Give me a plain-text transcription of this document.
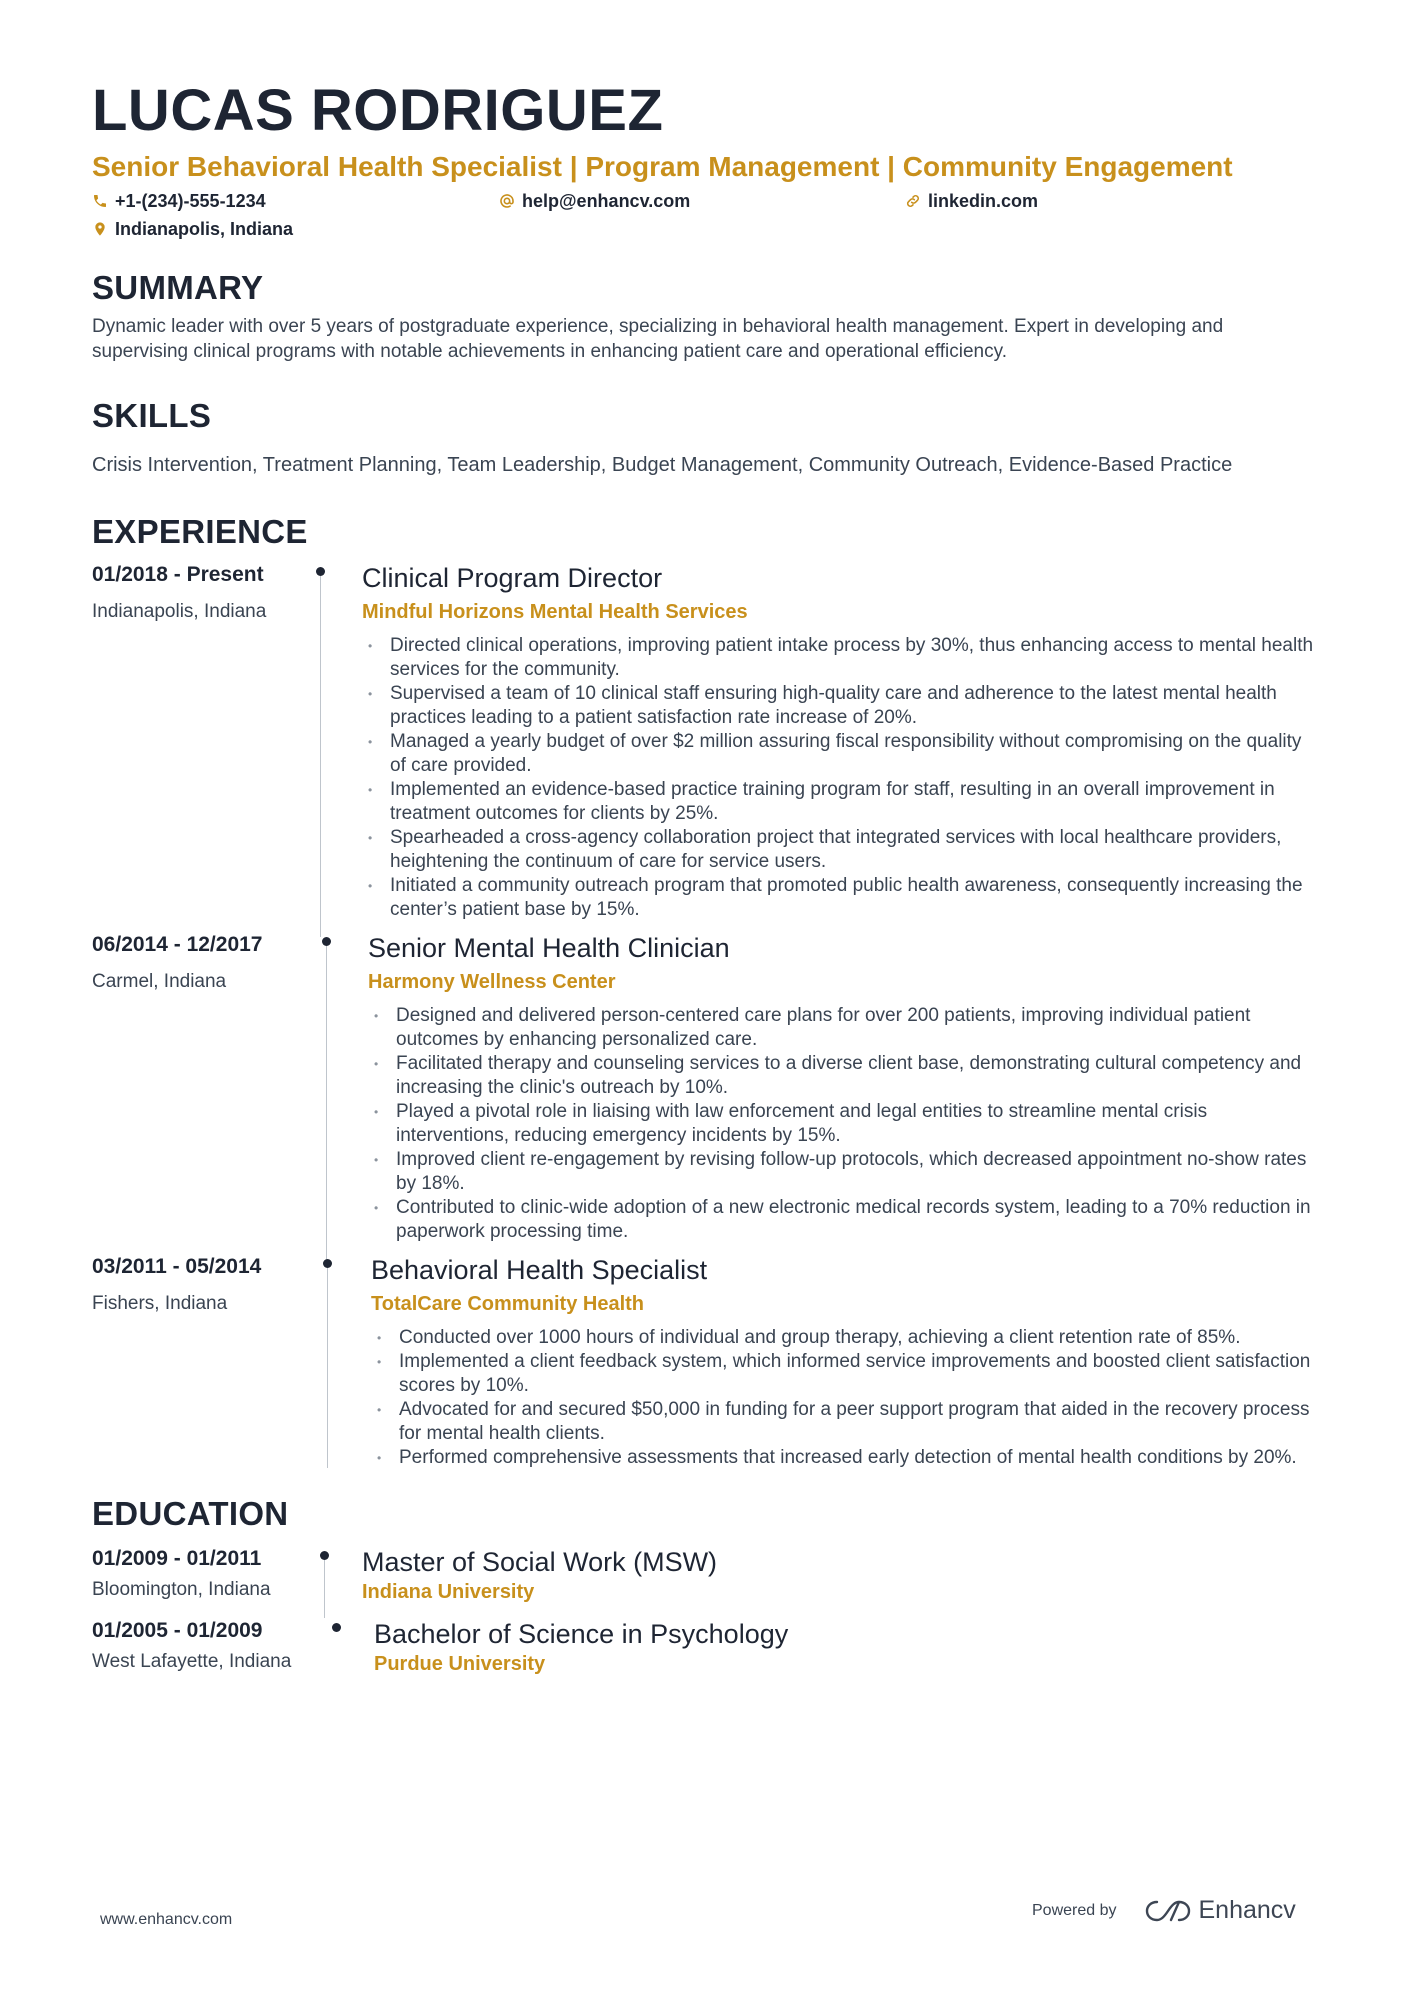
LUCAS RODRIGUEZ
Senior Behavioral Health Specialist | Program Management | Community Engagement
+1-(234)-555-1234	help@enhancv.com	linkedin.com
Indianapolis, Indiana
SUMMARY
Dynamic leader with over 5 years of postgraduate experience, specializing in behavioral health management. Expert in developing and supervising clinical programs with notable achievements in enhancing patient care and operational efficiency.
SKILLS
Crisis Intervention, Treatment Planning, Team Leadership, Budget Management, Community Outreach, Evidence-Based Practice
EXPERIENCE
01/2018 - Present
Indianapolis, Indiana
Clinical Program Director
Mindful Horizons Mental Health Services
• Directed clinical operations, improving patient intake process by 30%, thus enhancing access to mental health services for the community.
• Supervised a team of 10 clinical staff ensuring high-quality care and adherence to the latest mental health practices leading to a patient satisfaction rate increase of 20%.
• Managed a yearly budget of over $2 million assuring fiscal responsibility without compromising on the quality of care provided.
• Implemented an evidence-based practice training program for staff, resulting in an overall improvement in treatment outcomes for clients by 25%.
• Spearheaded a cross-agency collaboration project that integrated services with local healthcare providers, heightening the continuum of care for service users.
• Initiated a community outreach program that promoted public health awareness, consequently increasing the center’s patient base by 15%.
06/2014 - 12/2017
Carmel, Indiana
Senior Mental Health Clinician
Harmony Wellness Center
• Designed and delivered person-centered care plans for over 200 patients, improving individual patient outcomes by enhancing personalized care.
• Facilitated therapy and counseling services to a diverse client base, demonstrating cultural competency and increasing the clinic's outreach by 10%.
• Played a pivotal role in liaising with law enforcement and legal entities to streamline mental crisis interventions, reducing emergency incidents by 15%.
• Improved client re-engagement by revising follow-up protocols, which decreased appointment no-show rates by 18%.
• Contributed to clinic-wide adoption of a new electronic medical records system, leading to a 70% reduction in paperwork processing time.
03/2011 - 05/2014
Fishers, Indiana
Behavioral Health Specialist
TotalCare Community Health
• Conducted over 1000 hours of individual and group therapy, achieving a client retention rate of 85%.
• Implemented a client feedback system, which informed service improvements and boosted client satisfaction scores by 10%.
• Advocated for and secured $50,000 in funding for a peer support program that aided in the recovery process for mental health clients.
• Performed comprehensive assessments that increased early detection of mental health conditions by 20%.
EDUCATION
01/2009 - 01/2011
Bloomington, Indiana
Master of Social Work (MSW)
Indiana University
01/2005 - 01/2009
West Lafayette, Indiana
Bachelor of Science in Psychology
Purdue University
www.enhancv.com
Powered by	Enhancv
